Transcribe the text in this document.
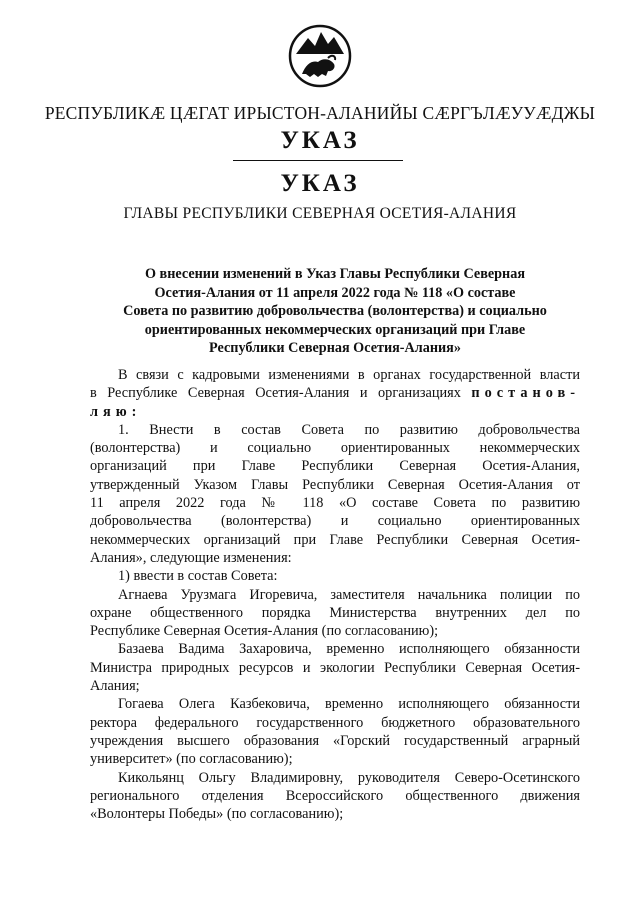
РЕСПУБЛИКӔ ЦӔГАТ ИРЫСТОН-АЛАНИЙЫ СӔРГЪЛӔУУӔДЖЫ
УКАЗ
УКАЗ
ГЛАВЫ РЕСПУБЛИКИ СЕВЕРНАЯ ОСЕТИЯ-АЛАНИЯ
О внесении изменений в Указ Главы Республики Северная
Осетия-Алания от 11 апреля 2022 года № 118 «О составе
Совета по развитию добровольчества (волонтерства) и социально
ориентированных некоммерческих организаций при Главе
Республики Северная Осетия-Алания»
В связи с кадровыми изменениями в органах государственной власти
в Республике Северная Осетия-Алания и организациях постанов-
ляю:
1. Внести в состав Совета по развитию добровольчества
(волонтерства) и социально ориентированных некоммерческих
организаций при Главе Республики Северная Осетия-Алания,
утвержденный Указом Главы Республики Северная Осетия-Алания от
11 апреля 2022 года № 118 «О составе Совета по развитию
добровольчества (волонтерства) и социально ориентированных
некоммерческих организаций при Главе Республики Северная Осетия-
Алания», следующие изменения:
1) ввести в состав Совета:
Агнаева Урузмага Игоревича, заместителя начальника полиции по
охране общественного порядка Министерства внутренних дел по
Республике Северная Осетия-Алания (по согласованию);
Базаева Вадима Захаровича, временно исполняющего обязанности
Министра природных ресурсов и экологии Республики Северная Осетия-
Алания;
Гогаева Олега Казбековича, временно исполняющего обязанности
ректора федерального государственного бюджетного образовательного
учреждения высшего образования «Горский государственный аграрный
университет» (по согласованию);
Кикольянц Ольгу Владимировну, руководителя Северо-Осетинского
регионального отделения Всероссийского общественного движения
«Волонтеры Победы» (по согласованию);
